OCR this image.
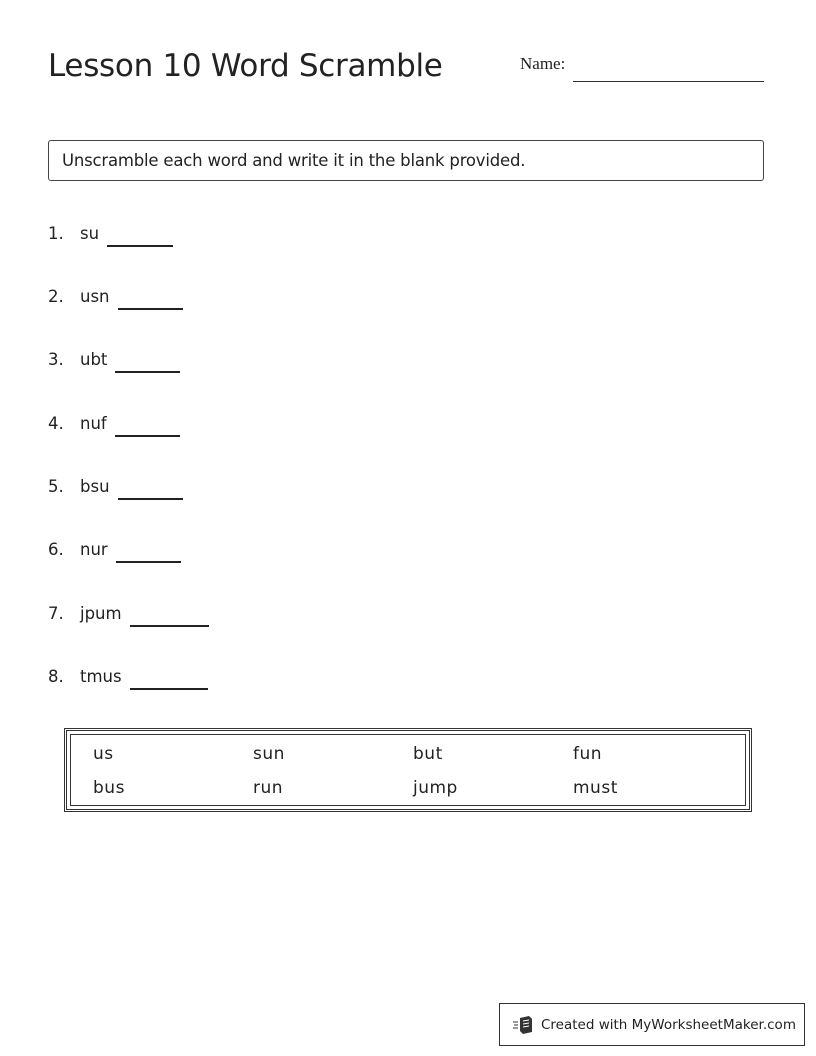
Lesson 10 Word Scramble	Name:
Unscramble each word and write it in the blank provided.
1. su
2. usn
3. ubt
4. nuf
5. bsu
6. nur
7. jpum
8. tmus
us	sun	but	fun
bus	run	jump	must
Created with MyWorksheetMaker.com
